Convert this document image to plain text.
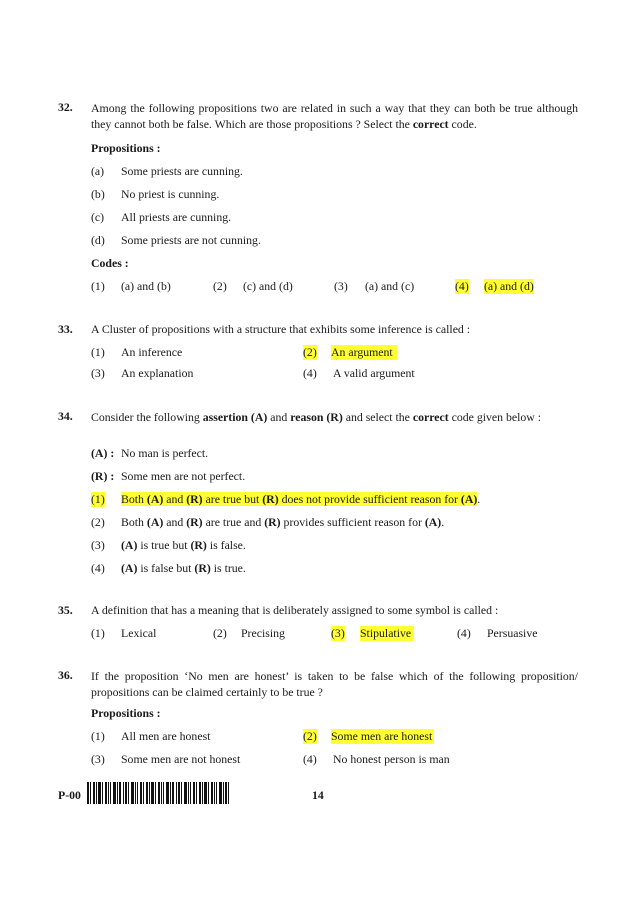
32. Among the following propositions two are related in such a way that they can both be true although they cannot both be false. Which are those propositions ? Select the correct code.
Propositions :
(a) Some priests are cunning.
(b) No priest is cunning.
(c) All priests are cunning.
(d) Some priests are not cunning.
Codes :
(1) (a) and (b)	(2) (c) and (d)	(3) (a) and (c)	(4) (a) and (d)
33. A Cluster of propositions with a structure that exhibits some inference is called :
(1) An inference	(2) An argument
(3) An explanation	(4) A valid argument
34. Consider the following assertion (A) and reason (R) and select the correct code given below :
(A) : No man is perfect.
(R) : Some men are not perfect.
(1) Both (A) and (R) are true but (R) does not provide sufficient reason for (A).
(2) Both (A) and (R) are true and (R) provides sufficient reason for (A).
(3) (A) is true but (R) is false.
(4) (A) is false but (R) is true.
35. A definition that has a meaning that is deliberately assigned to some symbol is called :
(1) Lexical	(2) Precising	(3) Stipulative	(4) Persuasive
36. If the proposition ‘No men are honest’ is taken to be false which of the following proposition/ propositions can be claimed certainly to be true ?
Propositions :
(1) All men are honest	(2) Some men are honest
(3) Some men are not honest	(4) No honest person is man
P-00	14
